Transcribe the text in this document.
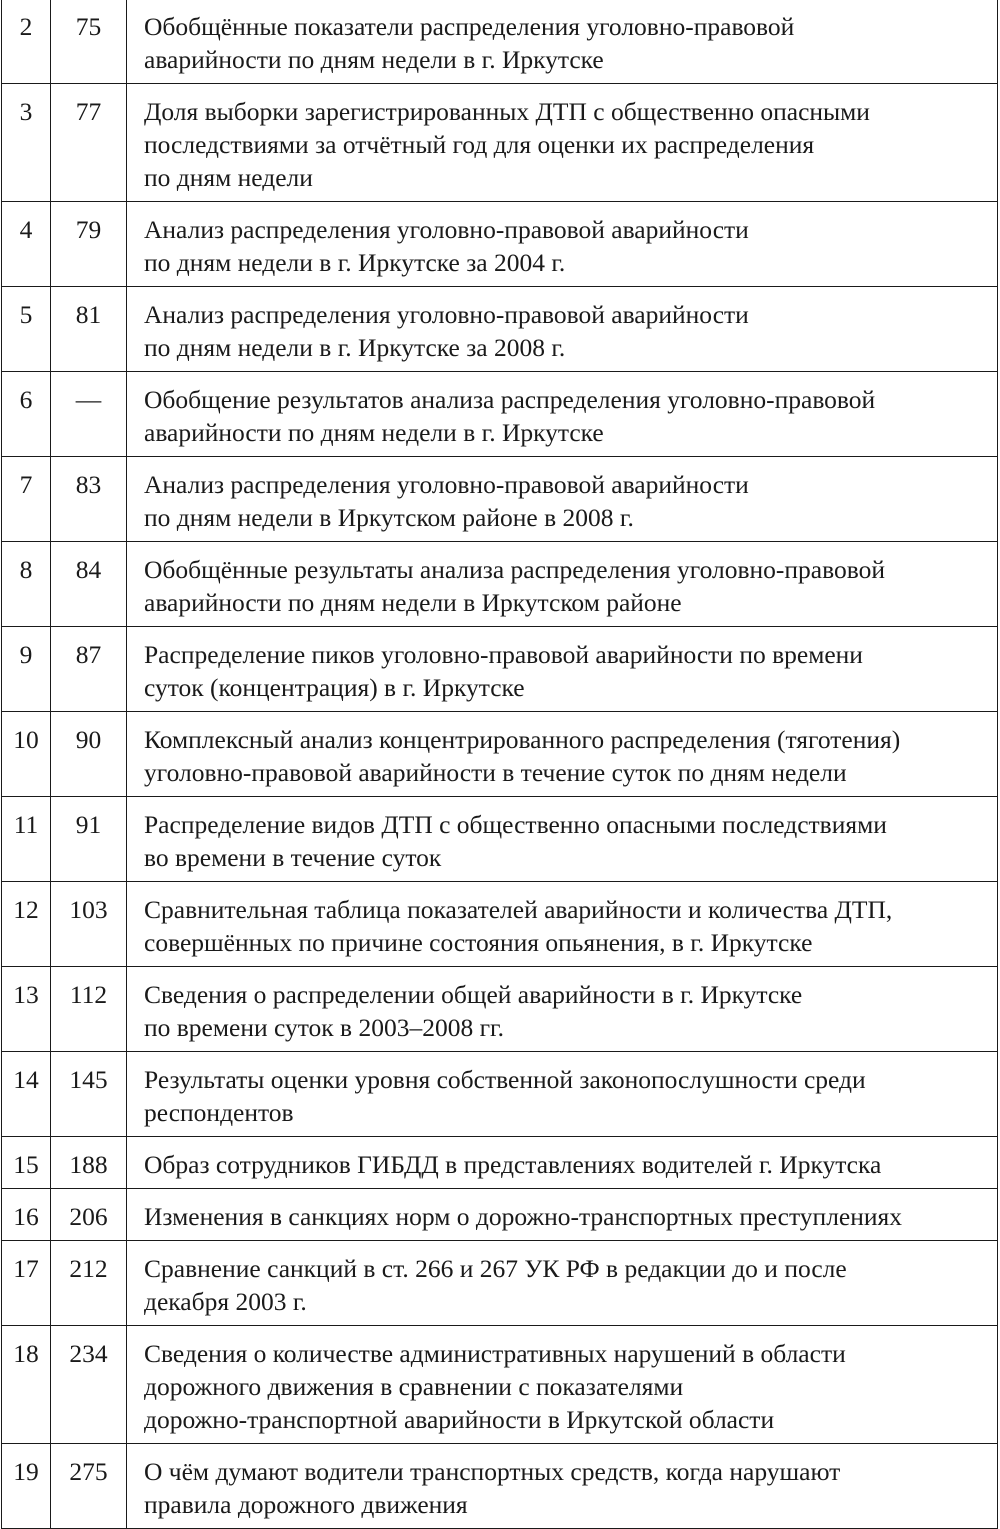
2	75	Обобщённые показатели распределения уголовно-правовой
аварийности по дням недели в г. Иркутске
3	77	Доля выборки зарегистрированных ДТП с общественно опасными
последствиями за отчётный год для оценки их распределения
по дням недели
4	79	Анализ распределения уголовно-правовой аварийности
по дням недели в г. Иркутске за 2004 г.
5	81	Анализ распределения уголовно-правовой аварийности
по дням недели в г. Иркутске за 2008 г.
6	—	Обобщение результатов анализа распределения уголовно-правовой
аварийности по дням недели в г. Иркутске
7	83	Анализ распределения уголовно-правовой аварийности
по дням недели в Иркутском районе в 2008 г.
8	84	Обобщённые результаты анализа распределения уголовно-правовой
аварийности по дням недели в Иркутском районе
9	87	Распределение пиков уголовно-правовой аварийности по времени
суток (концентрация) в г. Иркутске
10	90	Комплексный анализ концентрированного распределения (тяготения)
уголовно-правовой аварийности в течение суток по дням недели
11	91	Распределение видов ДТП с общественно опасными последствиями
во времени в течение суток
12	103	Сравнительная таблица показателей аварийности и количества ДТП,
совершённых по причине состояния опьянения, в г. Иркутске
13	112	Сведения о распределении общей аварийности в г. Иркутске
по времени суток в 2003–2008 гг.
14	145	Результаты оценки уровня собственной законопослушности среди
респондентов
15	188	Образ сотрудников ГИБДД в представлениях водителей г. Иркутска
16	206	Изменения в санкциях норм о дорожно-транспортных преступлениях
17	212	Сравнение санкций в ст. 266 и 267 УК РФ в редакции до и после
декабря 2003 г.
18	234	Сведения о количестве административных нарушений в области
дорожного движения в сравнении с показателями
дорожно-транспортной аварийности в Иркутской области
19	275	О чём думают водители транспортных средств, когда нарушают
правила дорожного движения
